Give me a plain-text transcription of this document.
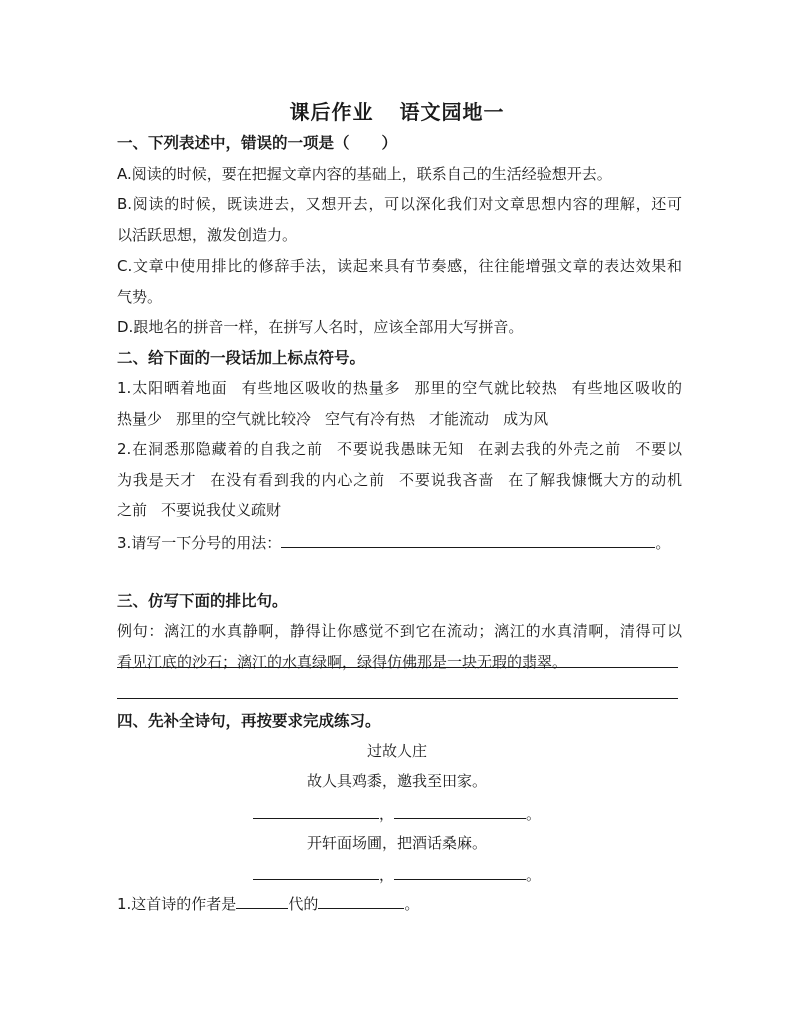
课后作业 语文园地一
一、下列表述中，错误的一项是（ ）
A.阅读的时候，要在把握文章内容的基础上，联系自己的生活经验想开去。
B.阅读的时候，既读进去，又想开去，可以深化我们对文章思想内容的理解，还可
以活跃思想，激发创造力。
C.文章中使用排比的修辞手法，读起来具有节奏感，往往能增强文章的表达效果和
气势。
D.跟地名的拼音一样，在拼写人名时，应该全部用大写拼音。
二、给下面的一段话加上标点符号。
1.太阳晒着地面 有些地区吸收的热量多 那里的空气就比较热 有些地区吸收的
热量少 那里的空气就比较冷 空气有冷有热 才能流动 成为风
2.在洞悉那隐藏着的自我之前 不要说我愚昧无知 在剥去我的外壳之前 不要以
为我是天才 在没有看到我的内心之前 不要说我吝啬 在了解我慷慨大方的动机
之前 不要说我仗义疏财
3.请写一下分号的用法：	。
三、仿写下面的排比句。
例句：漓江的水真静啊，静得让你感觉不到它在流动；漓江的水真清啊，清得可以
看见江底的沙石；漓江的水真绿啊，绿得仿佛那是一块无瑕的翡翠。
四、先补全诗句，再按要求完成练习。
过故人庄
故人具鸡黍，邀我至田家。
，	。
开轩面场圃，把酒话桑麻。
，	。
1.这首诗的作者是	代的	。
